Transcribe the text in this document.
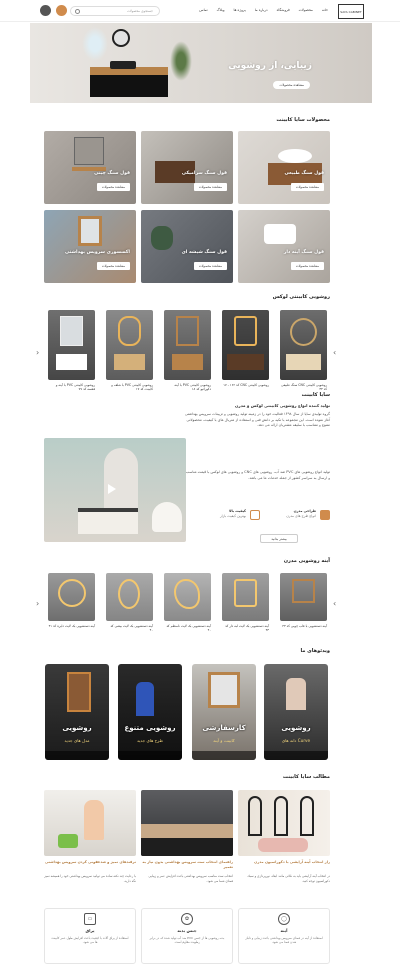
SAYA CABINET
خانه
محصولات
فروشگاه
درباره ما
پروژه ها
وبلاگ
تماس
جستجوی محصولات
زیبایی، از روشویی
مشاهده محصولات
محصولات سایا کابینت
قول سنگ طبیعی
مشاهده محصولات
قول سنگ سرامیکی
مشاهده محصولات
قول سنگ چینی
مشاهده محصولات
قول سنگ آینه دار
مشاهده محصولات
قول سنگ شیشه ای
مشاهده محصولات
اکسسوری سرویس بهداشتی
مشاهده محصولات
روشویی کابینتی لوکس
›
‹
روشویی کابینتی CNC سنگ طبیعی کد ۳۳
روشویی کابینتی CNC کد ۱۶۲ - ۱۷
روشویی کابینتی PVC با آینه دکوراتیو کد ۱۸
روشویی کابینتی PVC با شلف و کابینت کد ۱۷
روشویی کابینتی PVC با آینه و قفسه کد ۷۷
سایا کابینت
تولید کننده انواع روشویی کابینتی لوکس و مدرن
گروه تولیدی سایا از سال ۱۳۹۸ فعالیت خود را در زمینه تولید روشویی و تزیینات سرویس بهداشتی آغاز نموده است. این مجموعه با تکیه بر دانش فنی و استفاده از متریال های با کیفیت، محصولاتی متنوع و متناسب با سلیقه مشتریان ارائه می دهد.
تولید انواع روشویی های PVC ضد آب، روشویی های CNC و روشویی های لوکس با قیمت مناسب و ارسال به سراسر کشور از جمله خدمات ما می باشد.
طراحی مدرن
انواع طرح های مدرن
کیفیت بالا
بهترین کیفیت بازار
بیشتر بدانید
آینه روشویی مدرن
›
‹
آینه دستشویی با قاب چوبی کد ۴۳
آینه دستشویی بک لایت لبه دار کد ۴۳
آینه دستشویی بک لایت نامنظم کد ۴۰
آینه دستشویی بک لایت بیضی کد ۴۰
آینه دستشویی بک لایت دایره کد ۴۱
ویدئوهای ما
روشویی
Curve دانه های
کارسفارشی
کابینت و آینه
روشویی متنوع
طرح های جدید
روشویی
مدل های جدید
مطالب سایا کابینت
راز انتخاب آینه آرایشی با دکوراسیون مدرن
در انتخاب آینه آرایشی باید به نکاتی مانند ابعاد، نورپردازی و سبک دکوراسیون توجه کنید.
راهنمای انتخاب ست سرویس بهداشتی بدون نیاز به تعمیر
انتخاب ست مناسب سرویس بهداشتی باعث افزایش عمر و زیبایی فضای شما می شود.
ترفندهای تمیز و ضدعفونی کردن سرویس بهداشتی
با رعایت چند نکته ساده می توانید سرویس بهداشتی خود را همیشه تمیز نگه دارید.
◯
آینه
استفاده از آینه در فضای سرویس بهداشتی باعث زیبایی و دلباز شدن فضا می شود.
✿
جنس بدنه
بدنه روشویی ها از جنس PVC ضد آب تولید شده که در برابر رطوبت مقاوم است.
▭
یراق
استفاده از یراق آلات با کیفیت باعث افزایش طول عمر کابینت ها می شود.
